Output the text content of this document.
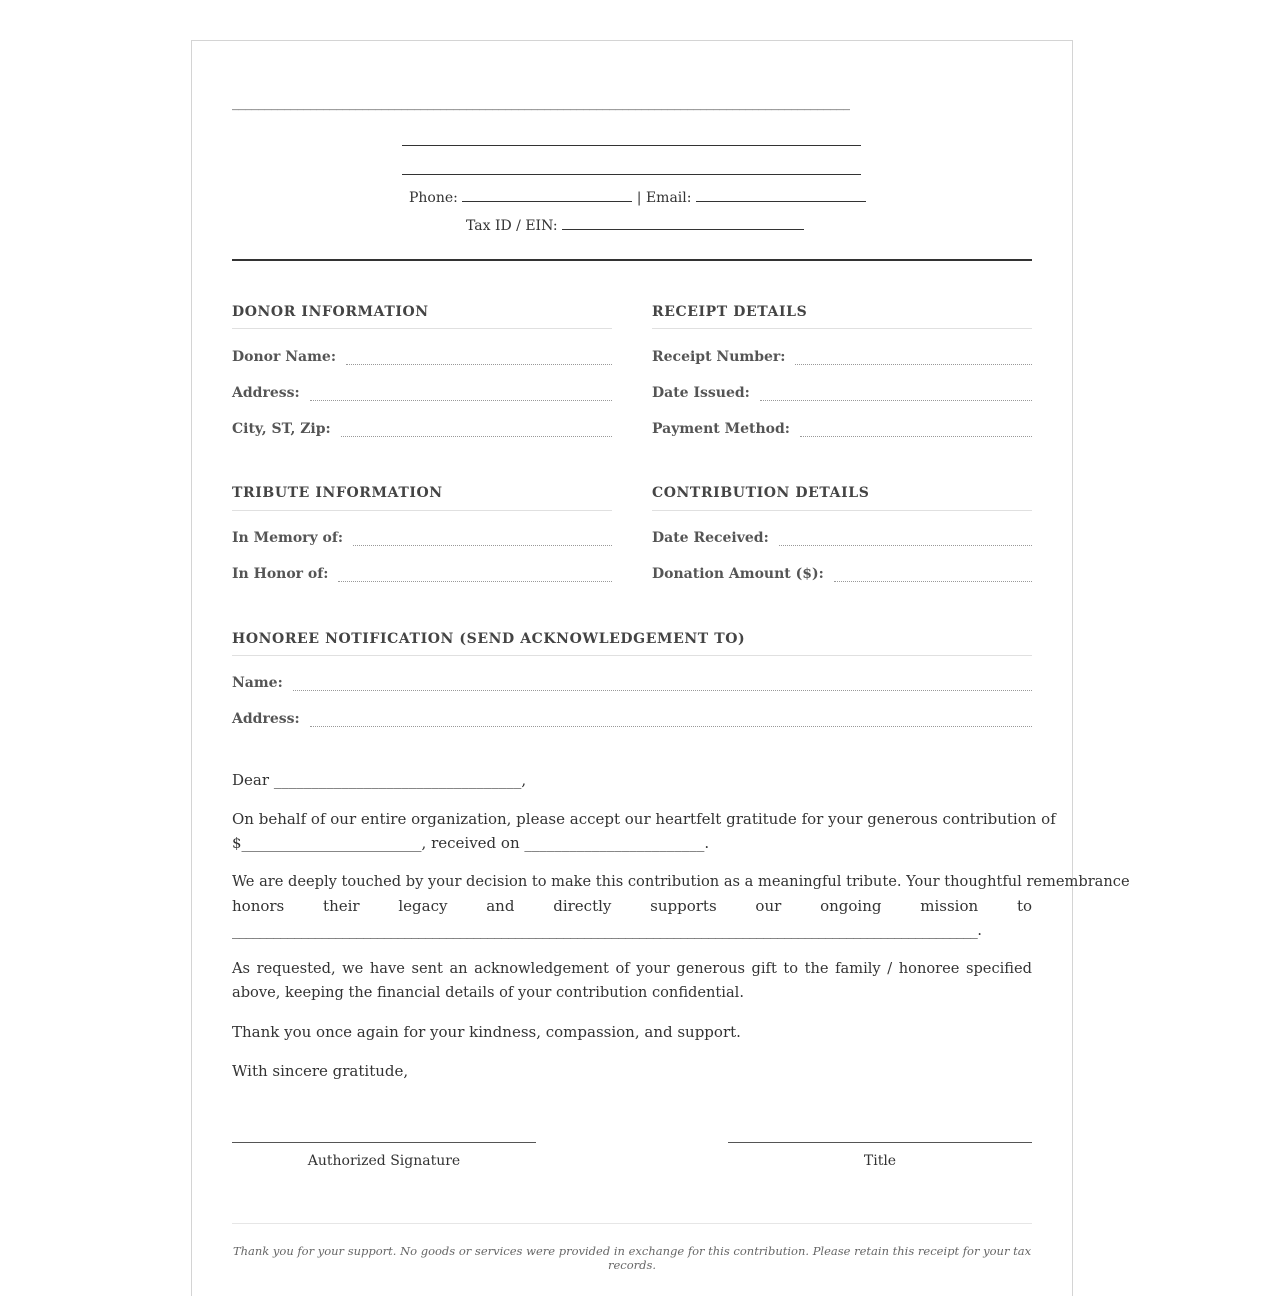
_______________________________________________________________________________________________
Phone:	| Email:
Tax ID / EIN:
DONOR INFORMATION
Donor Name:
Address:
City, ST, Zip:
RECEIPT DETAILS
Receipt Number:
Date Issued:
Payment Method:
TRIBUTE INFORMATION
In Memory of:
In Honor of:
CONTRIBUTION DETAILS
Date Received:
Donation Amount ($):
HONOREE NOTIFICATION (SEND ACKNOWLEDGEMENT TO)
Name:
Address:
Dear _________________________________,
On behalf of our entire organization, please accept our heartfelt gratitude for your generous contribution of
$________________________, received on ________________________.
We are deeply touched by your decision to make this contribution as a meaningful tribute. Your thoughtful remembrance
honors their legacy and directly supports our ongoing mission to
____________________________________________________________________________________________________________.
As requested, we have sent an acknowledgement of your generous gift to the family / honoree specified above, keeping the financial details of your contribution confidential.
Thank you once again for your kindness, compassion, and support.
With sincere gratitude,
Authorized Signature	Title
Thank you for your support. No goods or services were provided in exchange for this contribution. Please retain this receipt for your tax records.
